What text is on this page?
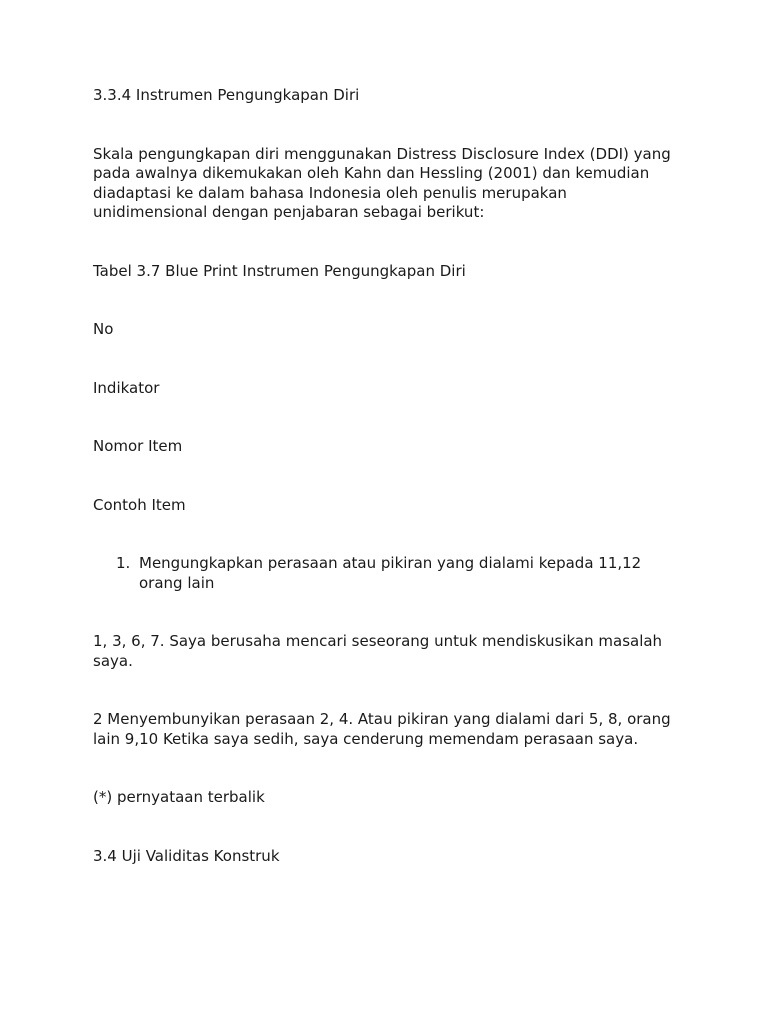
3.3.4 Instrumen Pengungkapan Diri

Skala pengungkapan diri menggunakan Distress Disclosure Index (DDI) yang pada awalnya dikemukakan oleh Kahn dan Hessling (2001) dan kemudian diadaptasi ke dalam bahasa Indonesia oleh penulis merupakan unidimensional dengan penjabaran sebagai berikut:

Tabel 3.7 Blue Print Instrumen Pengungkapan Diri

No

Indikator

Nomor Item

Contoh Item

1. Mengungkapkan perasaan atau pikiran yang dialami kepada 11,12 orang lain

1, 3, 6, 7. Saya berusaha mencari seseorang untuk mendiskusikan masalah saya.

2 Menyembunyikan perasaan 2, 4. Atau pikiran yang dialami dari 5, 8, orang lain 9,10 Ketika saya sedih, saya cenderung memendam perasaan saya.

(*) pernyataan terbalik

3.4 Uji Validitas Konstruk
